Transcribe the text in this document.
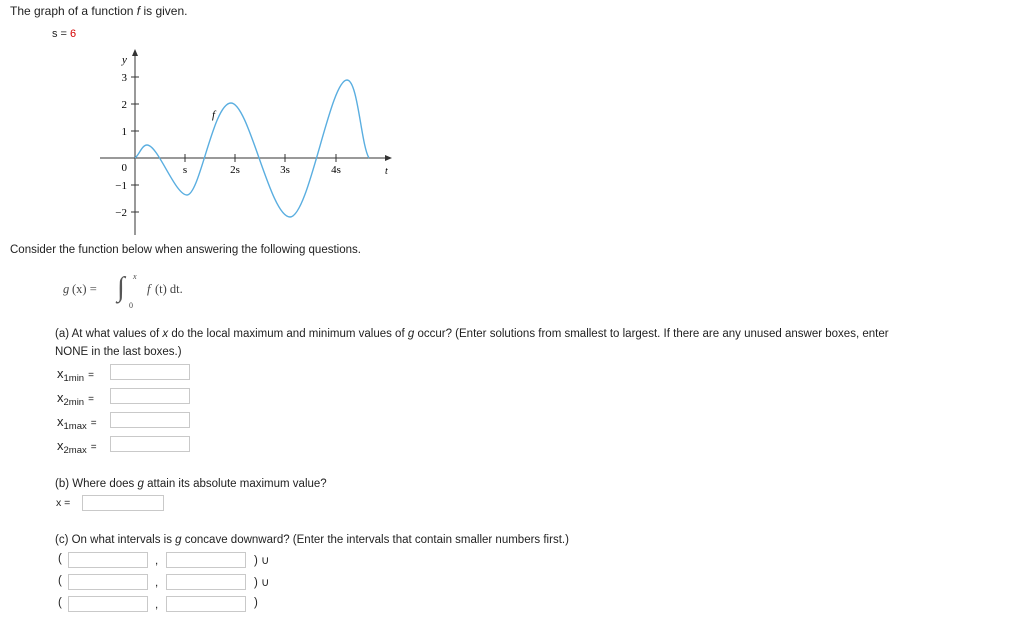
The graph of a function f is given.
s = 6
y
3
2
1
0
−1
−2
s	2s	3s	4s	t
f
Consider the function below when answering the following questions.
g (x) = ∫ x
0
f (t) dt.
(a) At what values of x do the local maximum and minimum values of g occur? (Enter solutions from smallest to largest. If there are any unused answer boxes, enter
NONE in the last boxes.)
$x_{1min}$ =
$x_{2min}$ =
$x_{1max}$ =
$x_{2max}$ =
(b) Where does g attain its absolute maximum value?
x =
(c) On what intervals is g concave downward? (Enter the intervals that contain smaller numbers first.)
(	,	) ∪
(	,	) ∪
(	,	)
